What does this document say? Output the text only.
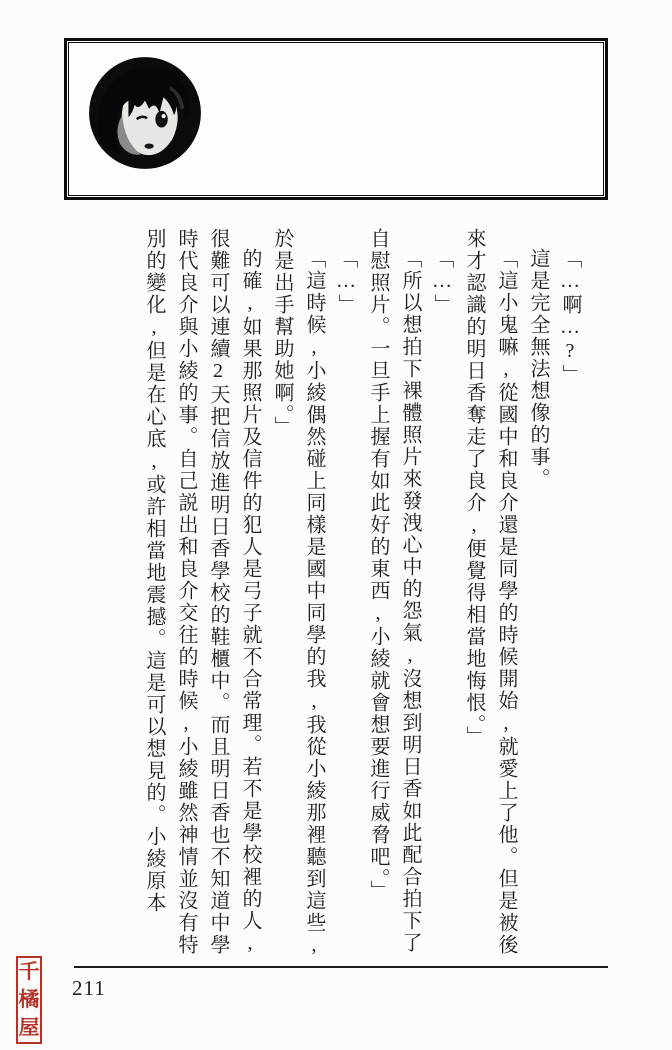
「…啊…?」

這是完全無法想像的事。

「這小鬼嘛,從國中和良介還是同學的時候開始,就愛上了他。但是被後來才認識的明日香奪走了良介,便覺得相當地悔恨。」

「…」

「所以想拍下裸體照片來發洩心中的怨氣,沒想到明日香如此配合拍下了自慰照片。一旦手上握有如此好的東西,小綾就會想要進行威脅吧。」

「…」

「這時候,小綾偶然碰上同樣是國中同學的我,我從小綾那裡聽到這些,於是出手幫助她啊。」

的確,如果那照片及信件的犯人是弓子就不合常理。若不是學校裡的人,很難可以連續2天把信放進明日香學校的鞋櫃中。而且明日香也不知道中學時代良介與小綾的事。自己説出和良介交往的時候,小綾雖然神情並沒有特別的變化,但是在心底,或許相當地震撼。這是可以想見的。小綾原本

211
千
橘
屋
